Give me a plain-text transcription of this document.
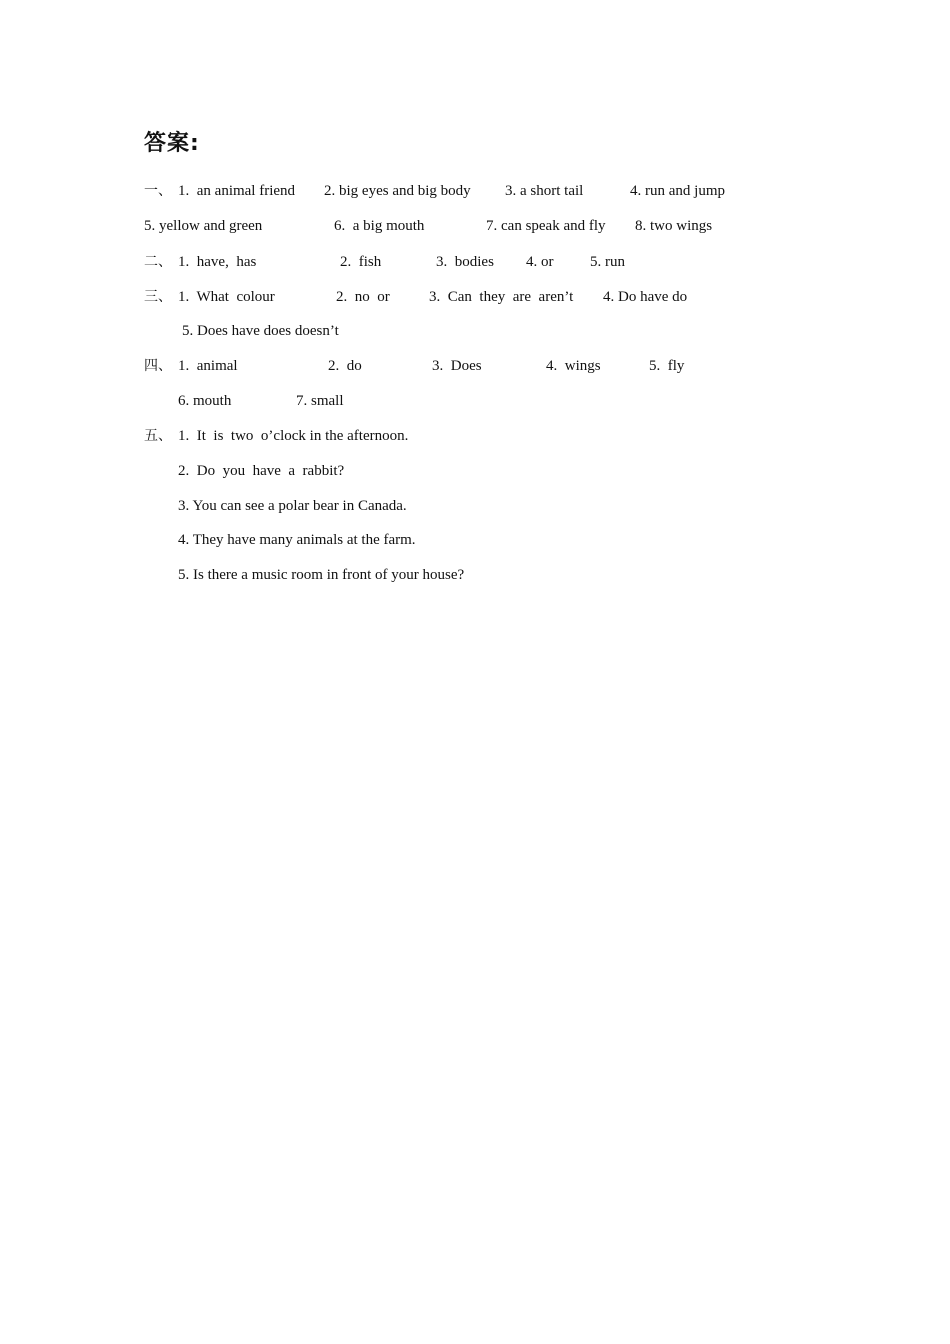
答案:
一、 1.  an animal friend 2. big eyes and big body 3. a short tail	4. run and jump
5. yellow and green	6.  a big mouth	7. can speak and fly 8. two wings
二、 1.  have,  has	2.  fish	3.  bodies 4. or 5. run
三、 1.  What  colour	2.  no  or	3.  Can  they  are  aren’t 4. Do have do
5. Does have does doesn’t
四、 1.  animal	2.  do	3.  Does	4.  wings	5.  fly
6. mouth	7. small
五、 1.  It  is  two  o’clock in the afternoon.
2.  Do  you  have  a  rabbit?
3. You can see a polar bear in Canada.
4. They have many animals at the farm.
5. Is there a music room in front of your house?
